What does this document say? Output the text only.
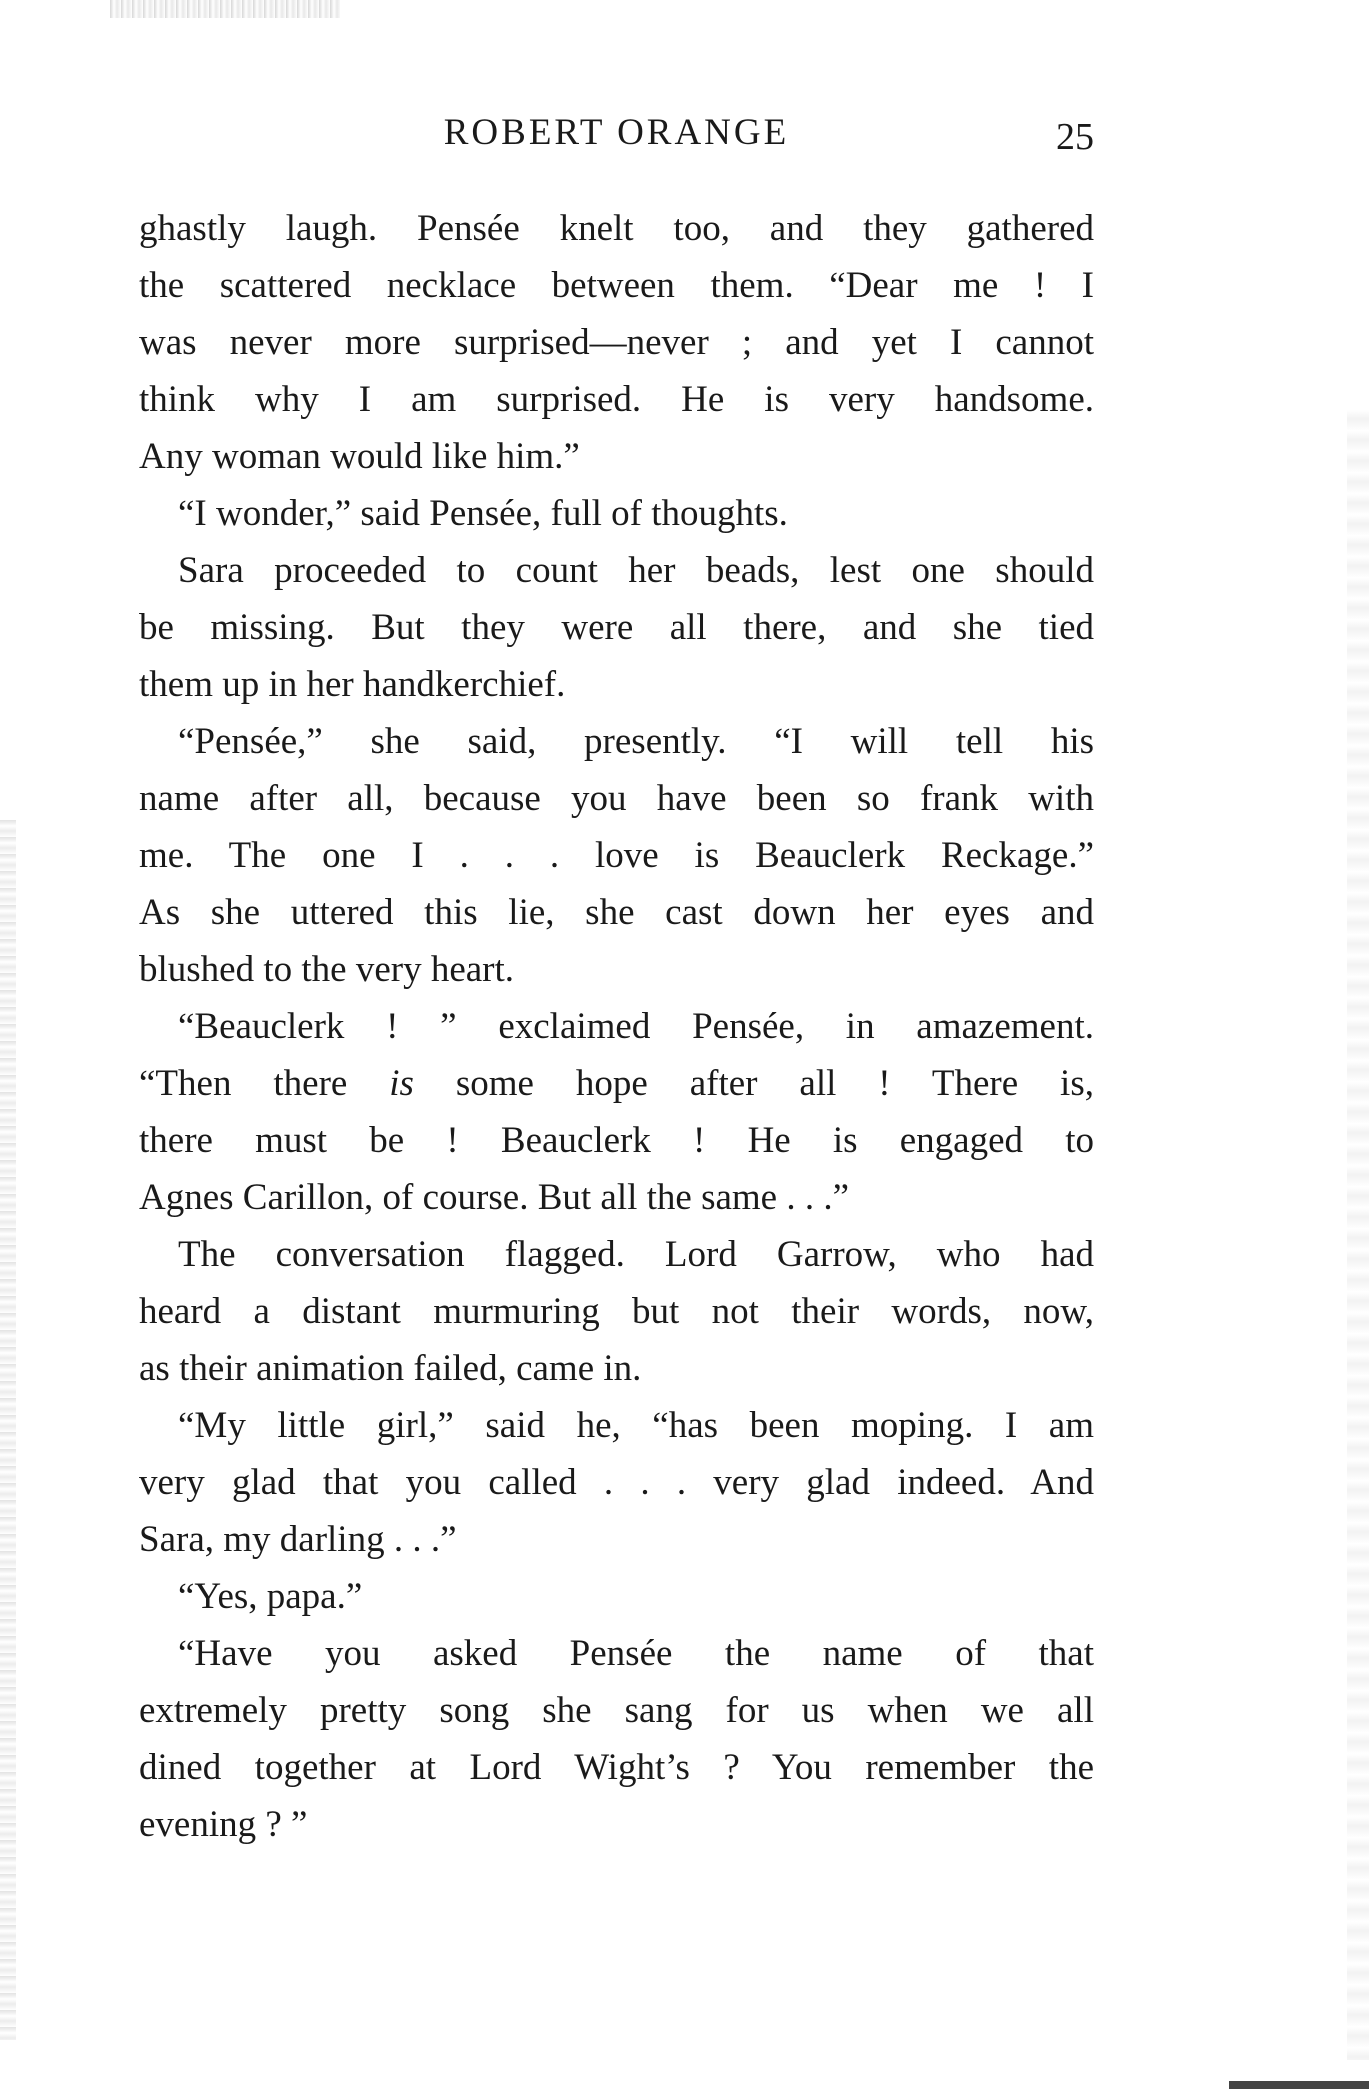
ROBERT ORANGE	25
ghastly laugh. Pensée knelt too, and they gathered
the scattered necklace between them. “Dear me ! I
was never more surprised—never ; and yet I cannot
think why I am surprised. He is very handsome.
Any woman would like him.”
“I wonder,” said Pensée, full of thoughts.
Sara proceeded to count her beads, lest one should
be missing. But they were all there, and she tied
them up in her handkerchief.
“Pensée,” she said, presently. “I will tell his
name after all, because you have been so frank with
me. The one I . . . love is Beauclerk Reckage.”
As she uttered this lie, she cast down her eyes and
blushed to the very heart.
“Beauclerk ! ” exclaimed Pensée, in amazement.
“Then there is some hope after all ! There is,
there must be ! Beauclerk ! He is engaged to
Agnes Carillon, of course. But all the same . . .”
The conversation flagged. Lord Garrow, who had
heard a distant murmuring but not their words, now,
as their animation failed, came in.
“My little girl,” said he, “has been moping. I am
very glad that you called . . . very glad indeed. And
Sara, my darling . . .”
“Yes, papa.”
“Have you asked Pensée the name of that
extremely pretty song she sang for us when we all
dined together at Lord Wight’s ? You remember the
evening ? ”
